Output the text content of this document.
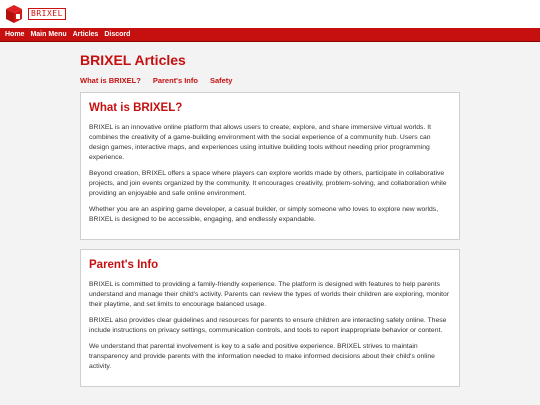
BRIXEL
Home Main Menu Articles Discord
BRIXEL Articles
What is BRIXEL? Parent's Info Safety
What is BRIXEL?

BRIXEL is an innovative online platform that allows users to create, explore, and share immersive virtual worlds. It combines the creativity of a game-building environment with the social experience of a community hub. Users can design games, interactive maps, and experiences using intuitive building tools without needing prior programming experience.

Beyond creation, BRIXEL offers a space where players can explore worlds made by others, participate in collaborative projects, and join events organized by the community. It encourages creativity, problem-solving, and collaboration while providing an enjoyable and safe online environment.

Whether you are an aspiring game developer, a casual builder, or simply someone who loves to explore new worlds, BRIXEL is designed to be accessible, engaging, and endlessly expandable.

Parent's Info

BRIXEL is committed to providing a family-friendly experience. The platform is designed with features to help parents understand and manage their child's activity. Parents can review the types of worlds their children are exploring, monitor their playtime, and set limits to encourage balanced usage.

BRIXEL also provides clear guidelines and resources for parents to ensure children are interacting safely online. These include instructions on privacy settings, communication controls, and tools to report inappropriate behavior or content.

We understand that parental involvement is key to a safe and positive experience. BRIXEL strives to maintain transparency and provide parents with the information needed to make informed decisions about their child's online activity.
